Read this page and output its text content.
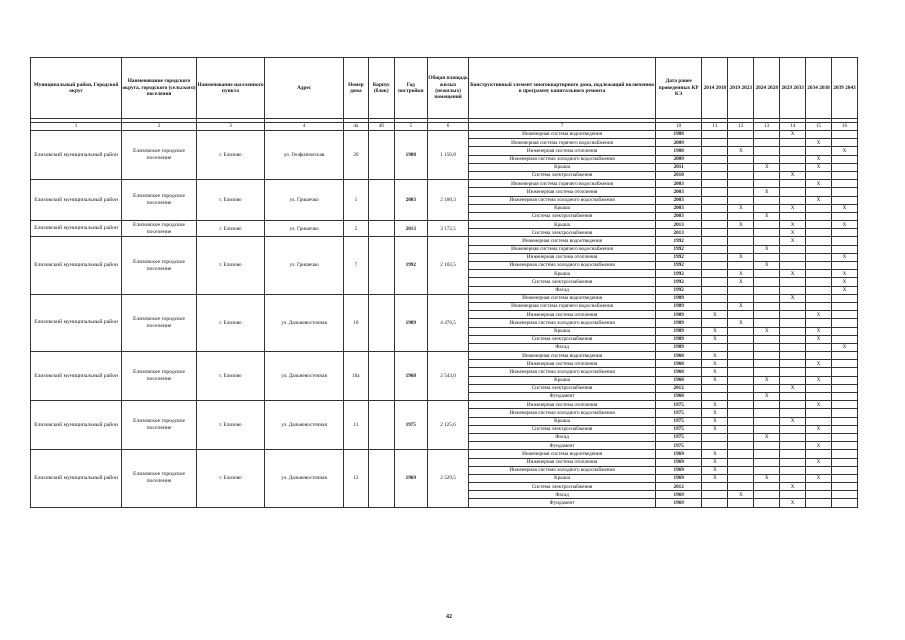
Муниципальный район, Городской округ	Наименование городского округа, городского (сельского) поселения	Наименование населенного пункта	Адрес	Номер дома	Корпус (блок)	Год постройки	Общая площадь жилых (нежилых) помещений	Конструктивный элемент многоквартирного дома, подлежащий включению в программу капитального ремонта	Дата ранее проведенных КР КЭ	2014 2018	2019 2023	2024 2028	2029 2033	2034 2038	2039 2043

1	2	3	4	4а	4б	5	6	7	10	11	12	13	14	15	16
Елизовский муниципальный район	Елизовское городское поселение	г. Елизово	ул. Геофизическая	20		1988	1 156,8	Инженерная система водоотведения	1988				X		
								Инженерная система горячего водоснабжения	2009					X	
								Инженерная система отопления	1988		X				X
								Инженерная система холодного водоснабжения	2009					X	
								Крыша	2011			X		X	
								Система электроснабжения	2010				X		
Елизовский муниципальный район	Елизовское городское поселение	г. Елизово	ул. Гришечко	1		2003	2 100,3	Инженерная система горячего водоснабжения	2003					X	
								Инженерная система отопления	2003			X			
								Инженерная система холодного водоснабжения	2003					X	
								Крыша	2003		X		X		X
								Система электроснабжения	2003			X			
Елизовский муниципальный район	Елизовское городское поселение	г. Елизово	ул. Гришечко	5		2013	3 172,5	Крыша	2013		X		X		X
								Система электроснабжения	2013				X		
Елизовский муниципальный район	Елизовское городское поселение	г. Елизово	ул. Гришечко	7		1992	2 103,5	Инженерная система водоотведения	1992				X		
								Инженерная система горячего водоснабжения	1992			X			
								Инженерная система отопления	1992		X				X
								Инженерная система холодного водоснабжения	1992			X			
								Крыша	1992		X		X		X
								Система электроснабжения	1992		X				X
								Фасад	1992						X
Елизовский муниципальный район	Елизовское городское поселение	г. Елизово	ул. Дальневосточная	10		1989	4 476,5	Инженерная система водоотведения	1989				X		
								Инженерная система горячего водоснабжения	1989		X				
								Инженерная система отопления	1989	X				X	
								Инженерная система холодного водоснабжения	1989		X				
								Крыша	1989	X		X		X	
								Система электроснабжения	1989	X				X	
								Фасад	1989						X
Елизовский муниципальный район	Елизовское городское поселение	г. Елизово	ул. Дальневосточная	10а		1968	2 543,0	Инженерная система водоотведения	1968	X					
								Инженерная система отопления	1968	X				X	
								Инженерная система холодного водоснабжения	1968	X					
								Крыша	1968	X		X		X	
								Система электроснабжения	2012				X		
								Фундамент	1968			X			
Елизовский муниципальный район	Елизовское городское поселение	г. Елизово	ул. Дальневосточная	11		1975	2 125,6	Инженерная система отопления	1975	X				X	
								Инженерная система холодного водоснабжения	1975	X					
								Крыша	1975	X			X		
								Система электроснабжения	1975	X				X	
								Фасад	1975			X			
								Фундамент	1975					X	
Елизовский муниципальный район	Елизовское городское поселение	г. Елизово	ул. Дальневосточная	12		1969	2 529,5	Инженерная система водоотведения	1969	X					
								Инженерная система отопления	1969	X				X	
								Инженерная система холодного водоснабжения	1969	X					
								Крыша	1969	X		X		X	
								Система электроснабжения	2012				X		
								Фасад	1969		X				
								Фундамент	1969				X		
42
